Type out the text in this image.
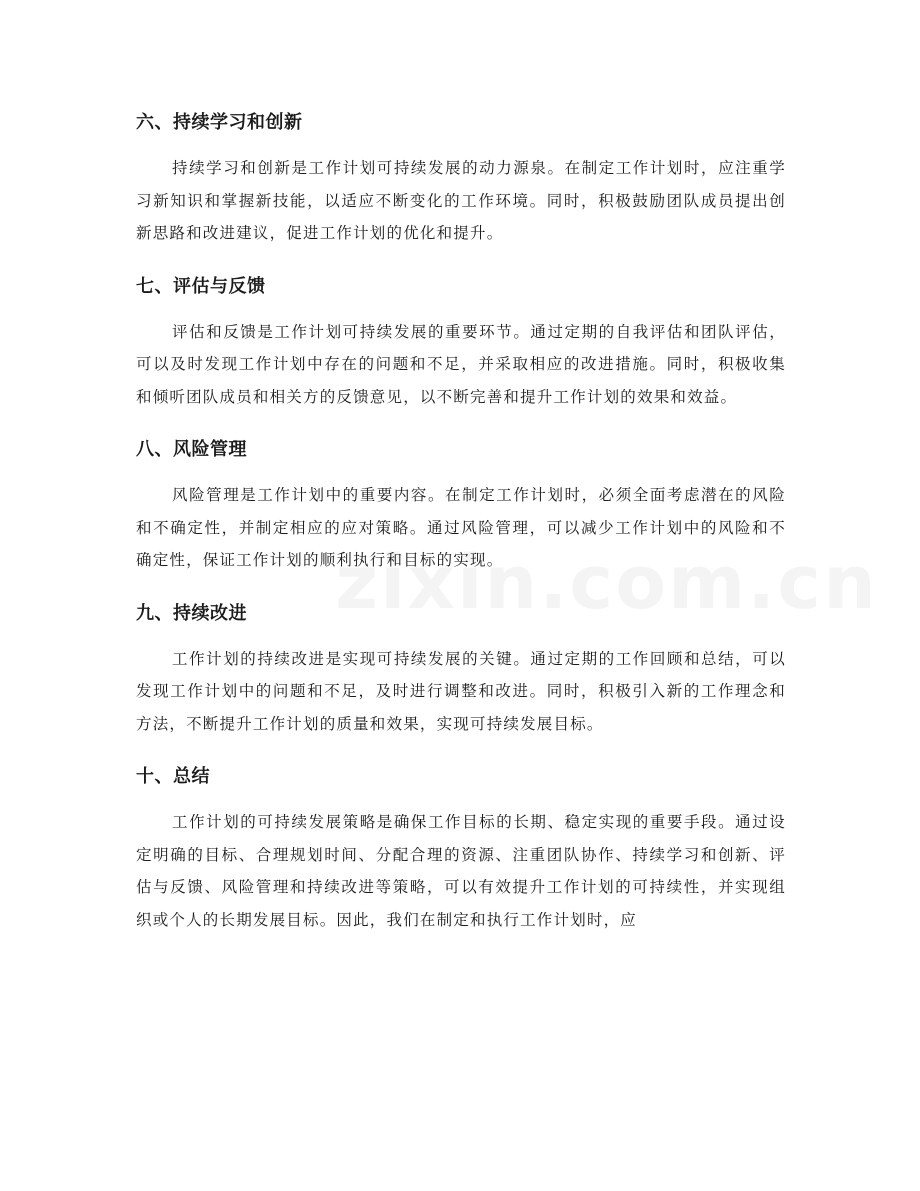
六、持续学习和创新
持续学习和创新是工作计划可持续发展的动力源泉。在制定工作计划时，应注重学习新知识和掌握新技能，以适应不断变化的工作环境。同时，积极鼓励团队成员提出创新思路和改进建议，促进工作计划的优化和提升。
七、评估与反馈
评估和反馈是工作计划可持续发展的重要环节。通过定期的自我评估和团队评估，可以及时发现工作计划中存在的问题和不足，并采取相应的改进措施。同时，积极收集和倾听团队成员和相关方的反馈意见，以不断完善和提升工作计划的效果和效益。
八、风险管理
风险管理是工作计划中的重要内容。在制定工作计划时，必须全面考虑潜在的风险和不确定性，并制定相应的应对策略。通过风险管理，可以减少工作计划中的风险和不确定性，保证工作计划的顺利执行和目标的实现。
九、持续改进
工作计划的持续改进是实现可持续发展的关键。通过定期的工作回顾和总结，可以发现工作计划中的问题和不足，及时进行调整和改进。同时，积极引入新的工作理念和方法，不断提升工作计划的质量和效果，实现可持续发展目标。
十、总结
工作计划的可持续发展策略是确保工作目标的长期、稳定实现的重要手段。通过设定明确的目标、合理规划时间、分配合理的资源、注重团队协作、持续学习和创新、评估与反馈、风险管理和持续改进等策略，可以有效提升工作计划的可持续性，并实现组织或个人的长期发展目标。因此，我们在制定和执行工作计划时，应
